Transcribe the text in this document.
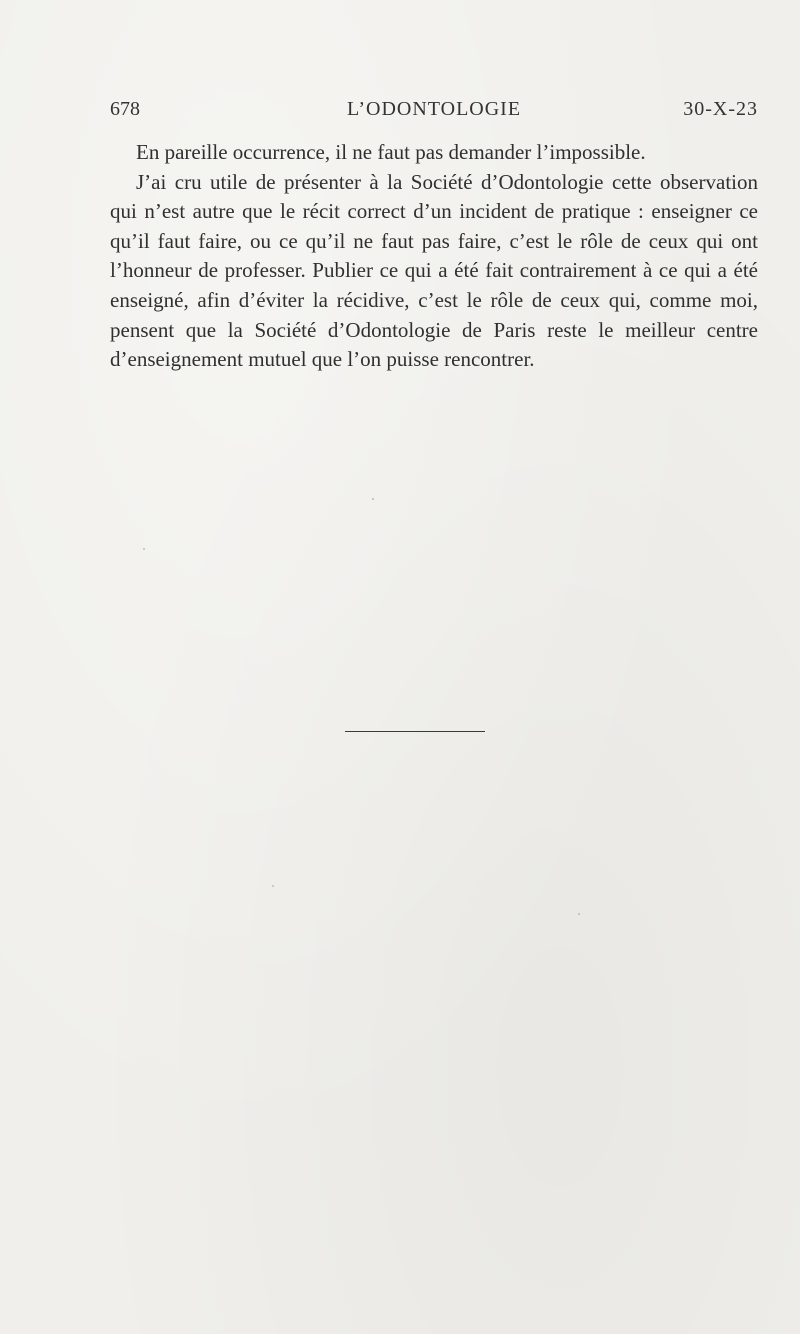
678	L’ODONTOLOGIE	30-X-23

En pareille occurrence, il ne faut pas demander l’impossible.

J’ai cru utile de présenter à la Société d’Odontologie cette observation qui n’est autre que le récit correct d’un incident de pratique : enseigner ce qu’il faut faire, ou ce qu’il ne faut pas faire, c’est le rôle de ceux qui ont l’honneur de professer. Publier ce qui a été fait contrairement à ce qui a été enseigné, afin d’éviter la récidive, c’est le rôle de ceux qui, comme moi, pensent que la Société d’Odontologie de Paris reste le meilleur centre d’enseignement mutuel que l’on puisse rencontrer.
